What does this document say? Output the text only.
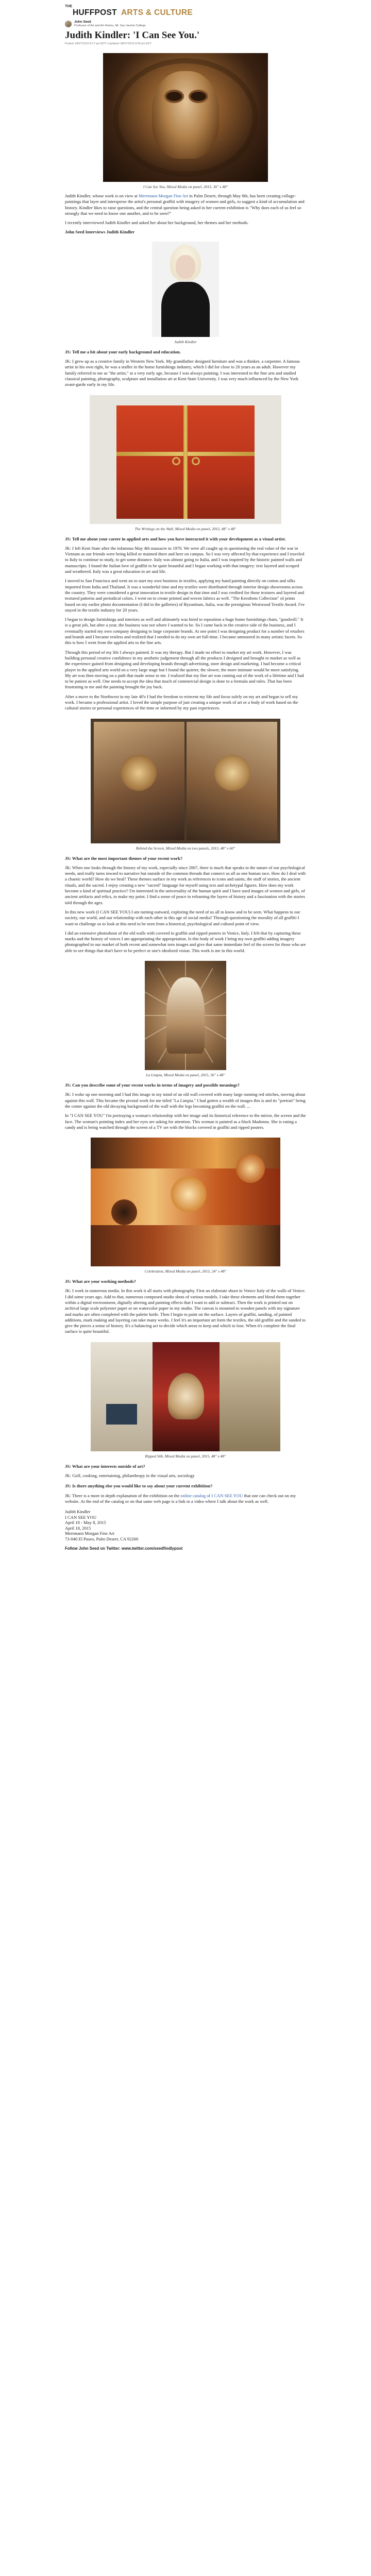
THE
HUFFPOST ARTS & CULTURE
John Seed
Professor of Art and Art History, Mt. San Jacinto College
Judith Kindler: 'I Can See You.'
Posted: 08/27/2015 8:17 pm EDT | Updated: 08/27/2015 8:59 pm EDT
I Can See You, Mixed Media on panel, 2015, 36" x 48"

Judith Kindler, whose work is on view at Merrmann Morgan Fine Art in Palm Desert, through May 8th, has been creating collage-paintings that layer and intersperse the artist's personal graffiti with imagery of women and girls, to suggest a kind of accumulation and history. Kindler likes to raise questions, and the central question being asked in her current exhibition is "Why does each of us feel so strongly that we need to know one another, and to be seen?"

I recently interviewed Judith Kindler and asked her about her background, her themes and her methods.

John Seed Interviews Judith Kindler

Judith Kindler

JS: Tell me a bit about your early background and education.

JK: I grew up as a creative family in Western New York. My grandfather designed furniture and was a thinker, a carpenter. A famous artist in his own right, he was a staffer in the home furnishings industry, which I did for close to 20 years as an adult. However my family referred to me as "the artist," at a very early age, because I was always painting. I was interested in the fine arts and studied classical painting, photography, sculpture and installation art at Kent State University. I was very much influenced by the New York avant-garde early in my life.

The Writings on the Wall, Mixed Media on panel, 2015, 48" x 48"

JS: Tell me about your career in applied arts and how you have interacted it with your development as a visual artist.

JK: I left Kent State after the infamous May 4th massacre in 1970. We were all caught up in questioning the real value of the war in Vietnam as our friends were being killed or maimed there and here on campus. So I was very affected by that experience and I traveled to Italy to continue to study, to get some distance. Italy was almost going to Italia, and I was inspired by the historic painted walls and manuscripts. I found the Italian love of graffiti to be quite beautiful and I began working with that imagery: text layered and scraped and weathered. Italy was a great education in art and life.

I moved to San Francisco and went on to start my own business in textiles, applying my hand painting directly on cotton and silks imported from India and Thailand. It was a wonderful time and my textiles were distributed through interior design showrooms across the country. They were considered a great innovation in textile design in that time and I was credited for those textures and layered and textured patterns and periodical colors. I went on to create printed and woven fabrics as well. "The Kerstbots Collection" of prints based on my earlier photo documentation (I did in the galleries) of Byzantium, Italia, was the prestigious Westwood Textile Award. I've stayed in the textile industry for 20 years.

I began to design furnishings and interiors as well and ultimately was hired to reposition a huge home furnishings chain, "goodwill." It is a great job, but after a year, the business was not where I wanted to be. So I came back to the creative side of the business, and I eventually started my own company designing to large corporate brands. At one point I was designing product for a number of retailers and brands and I became restless and realized that I needed to do my own art full-time. I became unmoored in many artistic facets. So this is how I went from the applied arts to the fine arts.

Through this period of my life I always painted. It was my therapy. But I made no effort to market my art work. However, I was building personal creative confidence in my aesthetic judgement through all the products I designed and brought to market as well as the experience gained from designing and developing brands through advertising, store design and marketing. I had become a critical player in the applied arts world on a very large stage but I found the quieter, the slower, the more intimate would be more satisfying. My art was then moving on a path that made sense to me. I realized that my fine art was coming out of the work of a lifetime and I had to be patient as well. One needs to accept the idea that much of commercial design is done to a formula and rules. That has been frustrating to me and the painting brought the joy back.

After a move to the Northwest in my late 40's I had the freedom to reinvent my life and focus solely on my art and began to sell my work. I became a professional artist. I loved the simple purpose of just creating a unique work of art or a body of work based on the cultural stories or personal experiences of the time or informed by my past experiences.

Behind the Screen, Mixed Media on two panels, 2015, 48" x 60"

JS: What are the most important themes of your recent work?

JK: When one looks through the history of my work, especially since 2007, there is much that speaks to the nature of our psychological needs, and really turns inward to narrative but outside of the common threads that connect us all as one human race. How do I deal with a chaotic world? How do we heal? These themes surface in my work as references to icons and saints, the stuff of stories, the ancient rituals, and the sacred. I enjoy creating a new "sacred" language for myself using text and archetypal figures. How does my work become a kind of spiritual practice? I'm interested in the universality of the human spirit and I have used images of women and girls, of ancient artifacts and relics, to make my point. I find a sense of peace in reframing the layers of history and a fascination with the stories told through the ages.

In this new work (I CAN SEE YOU) I am turning outward, exploring the need of us all to know and to be seen. What happens to our society, our world, and our relationship with each other in this age of social media? Through questioning the morality of all graffiti I want to challenge us to look at this need to be seen from a historical, psychological and cultural point of view.

I did an extensive photoshoot of the old walls with covered in graffiti and ripped posters in Venice, Italy. I felt that by capturing these marks and the history of voices I am appropriating the appropriation. Is this body of work I bring my own graffiti adding imagery photographed in our market of both recent and somewhat torn images and give that same immediate feel of the screen for those who are able to see things that don't have to be perfect or one's idealized vision. This work is me in this world.

La Limpia, Mixed Media on panel, 2015, 36" x 48"

JS: Can you describe some of your recent works in terms of imagery and possible meanings?

JK: I woke up one morning and I had this image in my mind of an old wall covered with many large running red stitches, moving about against this wall. This became the pivotal work for me titled "La Limpia." I had gotten a wealth of images this is and its "portrait" being the center against the old decaying background of the wall with the legs becoming graffiti on the wall. ...

In "I CAN SEE YOU" I'm portraying a woman's relationship with her image and its historical reference to the mirror, the screen and the face. The woman's pointing index and her eyes are asking for attention. This woman is painted as a black Madonna. She is eating a candy and is being watched through the screen of a TV set with the blocks covered in graffiti and ripped posters.

Celebration, Mixed Media on panel, 2015, 24" x 48"

JS: What are your working methods?

JK: I work in numerous media. In this work it all starts with photography. First an elaborate shoot in Venice Italy of the walls of Venice. I did some years ago. Add to that, numerous composed studio shots of various models. I take these elements and blend them together within a digital environment, digitally altering and painting effects that I want to add or subtract. Then the work is printed out on archival large scale polyester paper or on watercolor paper in my studio. The canvas is mounted to wooden panels with my signature and marks are often completed with the palette knife. Then I begin to paint on the surface. Layers of graffiti, sanding, of painted additions, mark making and layering can take many weeks. I feel it's an important art form the textiles, the old graffiti and the sanded to give the pieces a sense of history. It's a balancing act to decide which areas to keep and which to lose. When it's complete the final surface is quite beautiful.

Ripped Silk, Mixed Media on panel, 2015, 48" x 48"

JS: What are your interests outside of art?

JK: Golf, cooking, entertaining, philanthropy in the visual arts, sociology

JS: Is there anything else you would like to say about your current exhibition?

JK: There is a more in depth explanation of the exhibition on the online catalog of I CAN SEE YOU that one can check out on my website. At the end of the catalog or on that same web page is a link to a video where I talk about the work as well.

Judith Kindler
I CAN SEE YOU
April 18 - May 8, 2015
April 18, 2015
Merrmann Morgan Fine Art
73-040 El Paseo, Palm Desert, CA 92260
Follow John Seed on Twitter: www.twitter.com/seedfindlypost
